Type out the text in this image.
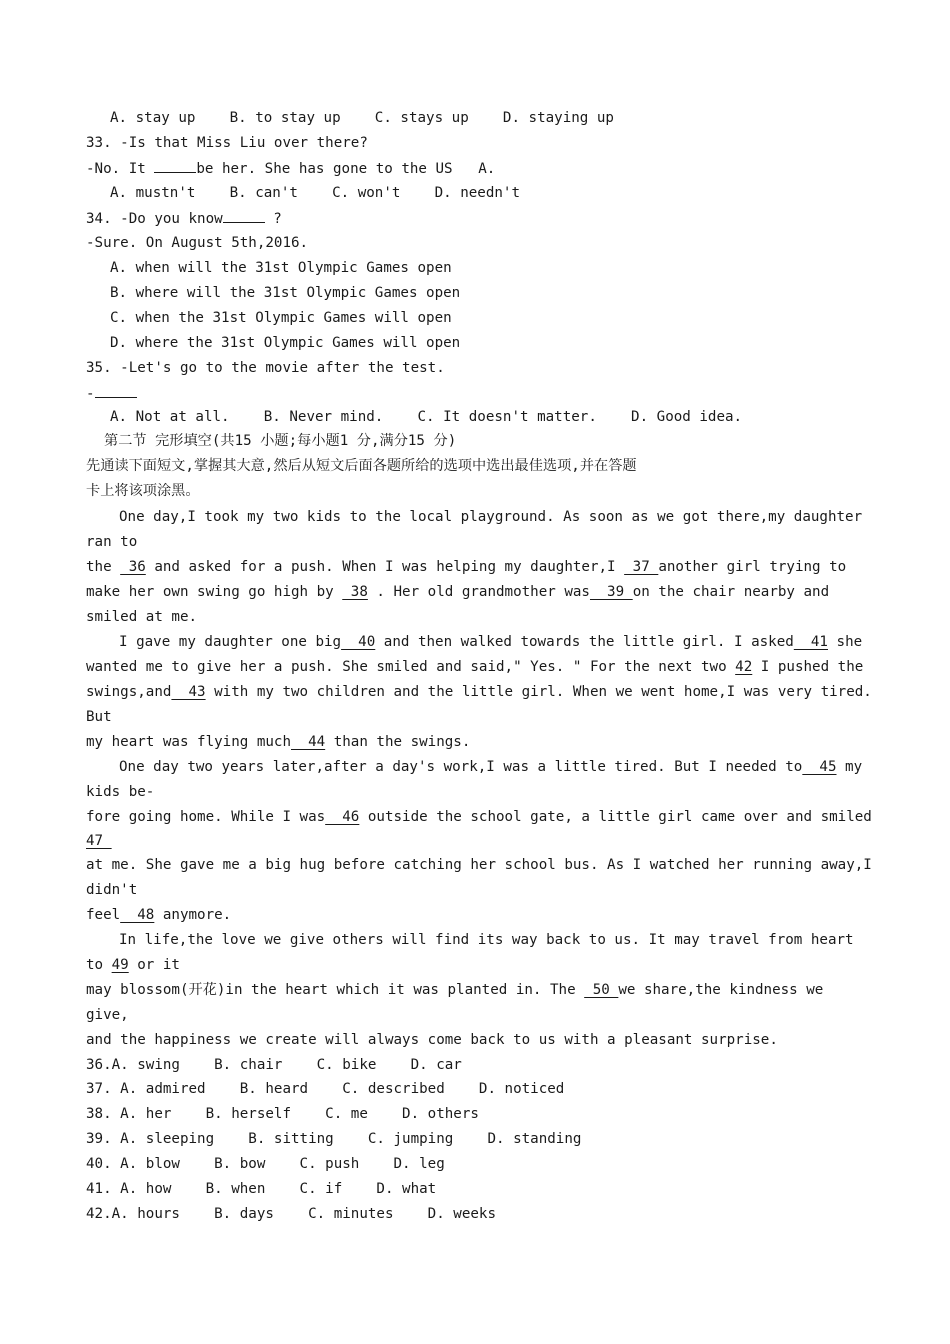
A. stay up    B. to stay up    C. stays up    D. staying up
33. -Is that Miss Liu over there?
-No. It	be her. She has gone to the US   A.
A. mustn't    B. can't    C. won't    D. needn't
34. -Do you know	?
-Sure. On August 5th,2016.
A. when will the 31st Olympic Games open
B. where will the 31st Olympic Games open
C. when the 31st Olympic Games will open
D. where the 31st Olympic Games will open
35. -Let's go to the movie after the test.
-
A. Not at all.    B. Never mind.    C. It doesn't matter.    D. Good idea.
第二节 完形填空(共15 小题;每小题1 分,满分15 分)
先通读下面短文,掌握其大意,然后从短文后面各题所给的选项中选出最佳选项,并在答题
卡上将该项涂黑。
One day,I took my two kids to the local playground. As soon as we got there,my daughter
ran to
the  36 and asked for a push. When I was helping my daughter,I  37 another girl trying to
make her own swing go high by  38 . Her old grandmother was  39 on the chair nearby and
smiled at me.
I gave my daughter one big  40 and then walked towards the little girl. I asked  41 she
wanted me to give her a push. She smiled and said," Yes. " For the next two 42 I pushed the
swings,and  43 with my two children and the little girl. When we went home,I was very tired.
But
my heart was flying much  44 than the swings.
One day two years later,after a day's work,I was a little tired. But I needed to  45 my
kids be-
fore going home. While I was  46 outside the school gate, a little girl came over and smiled
47
at me. She gave me a big hug before catching her school bus. As I watched her running away,I
didn't
feel  48 anymore.
In life,the love we give others will find its way back to us. It may travel from heart
to 49 or it
may blossom(开花)in the heart which it was planted in. The  50 we share,the kindness we
give,
and the happiness we create will always come back to us with a pleasant surprise.
36.A. swing    B. chair    C. bike    D. car
37. A. admired    B. heard    C. described    D. noticed
38. A. her    B. herself    C. me    D. others
39. A. sleeping    B. sitting    C. jumping    D. standing
40. A. blow    B. bow    C. push    D. leg
41. A. how    B. when    C. if    D. what
42.A. hours    B. days    C. minutes    D. weeks
